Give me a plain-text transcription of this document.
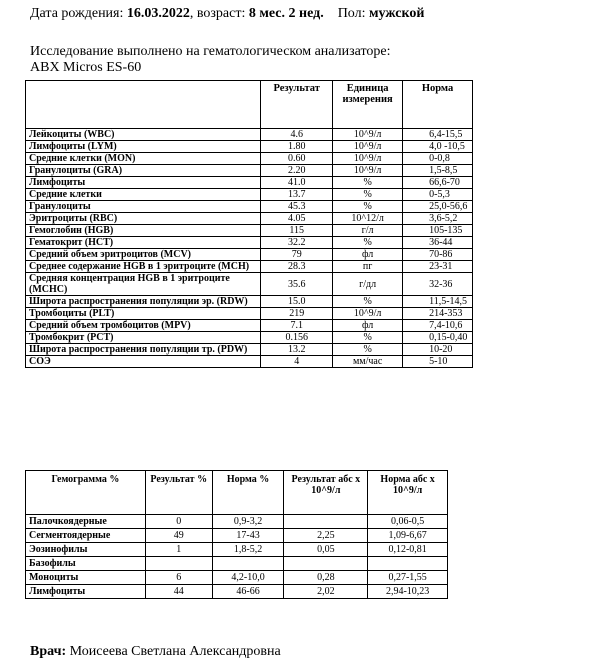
Дата рождения: 16.03.2022, возраст: 8 мес. 2 нед. Пол: мужской
Исследование выполнено на гематологическом анализаторе:
ABX Micros ES-60
	Результат	Единица измерения	Норма
Лейкоциты (WBC)	4.6	10^9/л	6,4-15,5
Лимфоциты (LYM)	1.80	10^9/л	4,0 -10,5
Средние клетки (MON)	0.60	10^9/л	0-0,8
Гранулоциты (GRA)	2.20	10^9/л	1,5-8,5
Лимфоциты	41.0	%	66,6-70
Средние клетки	13.7	%	0-5,3
Гранулоциты	45.3	%	25,0-56,6
Эритроциты (RBC)	4.05	10^12/л	3,6-5,2
Гемоглобин (HGB)	115	г/л	105-135
Гематокрит (HCT)	32.2	%	36-44
Средний объем эритроцитов (MCV)	79	фл	70-86
Среднее содержание HGB в 1 эритроците (MCH)	28.3	пг	23-31
Средняя концентрация HGB в 1 эритроците (MCHC)	35.6	г/дл	32-36
Широта распространения популяции эр. (RDW)	15.0	%	11,5-14,5
Тромбоциты (PLT)	219	10^9/л	214-353
Средний объем тромбоцитов (MPV)	7.1	фл	7,4-10,6
Тромбокрит (PCT)	0.156	%	0,15-0,40
Широта распространения популяции тр. (PDW)	13.2	%	10-20
СОЭ	4	мм/час	5-10
Гемограмма %	Результат %	Норма %	Результат абс х 10^9/л	Норма абс х 10^9/л
Палочкоядерные	0	0,9-3,2		0,06-0,5
Сегментоядерные	49	17-43	2,25	1,09-6,67
Эозинофилы	1	1,8-5,2	0,05	0,12-0,81
Базофилы				
Моноциты	6	4,2-10,0	0,28	0,27-1,55
Лимфоциты	44	46-66	2,02	2,94-10,23
Врач: Моисеева Светлана Александровна
